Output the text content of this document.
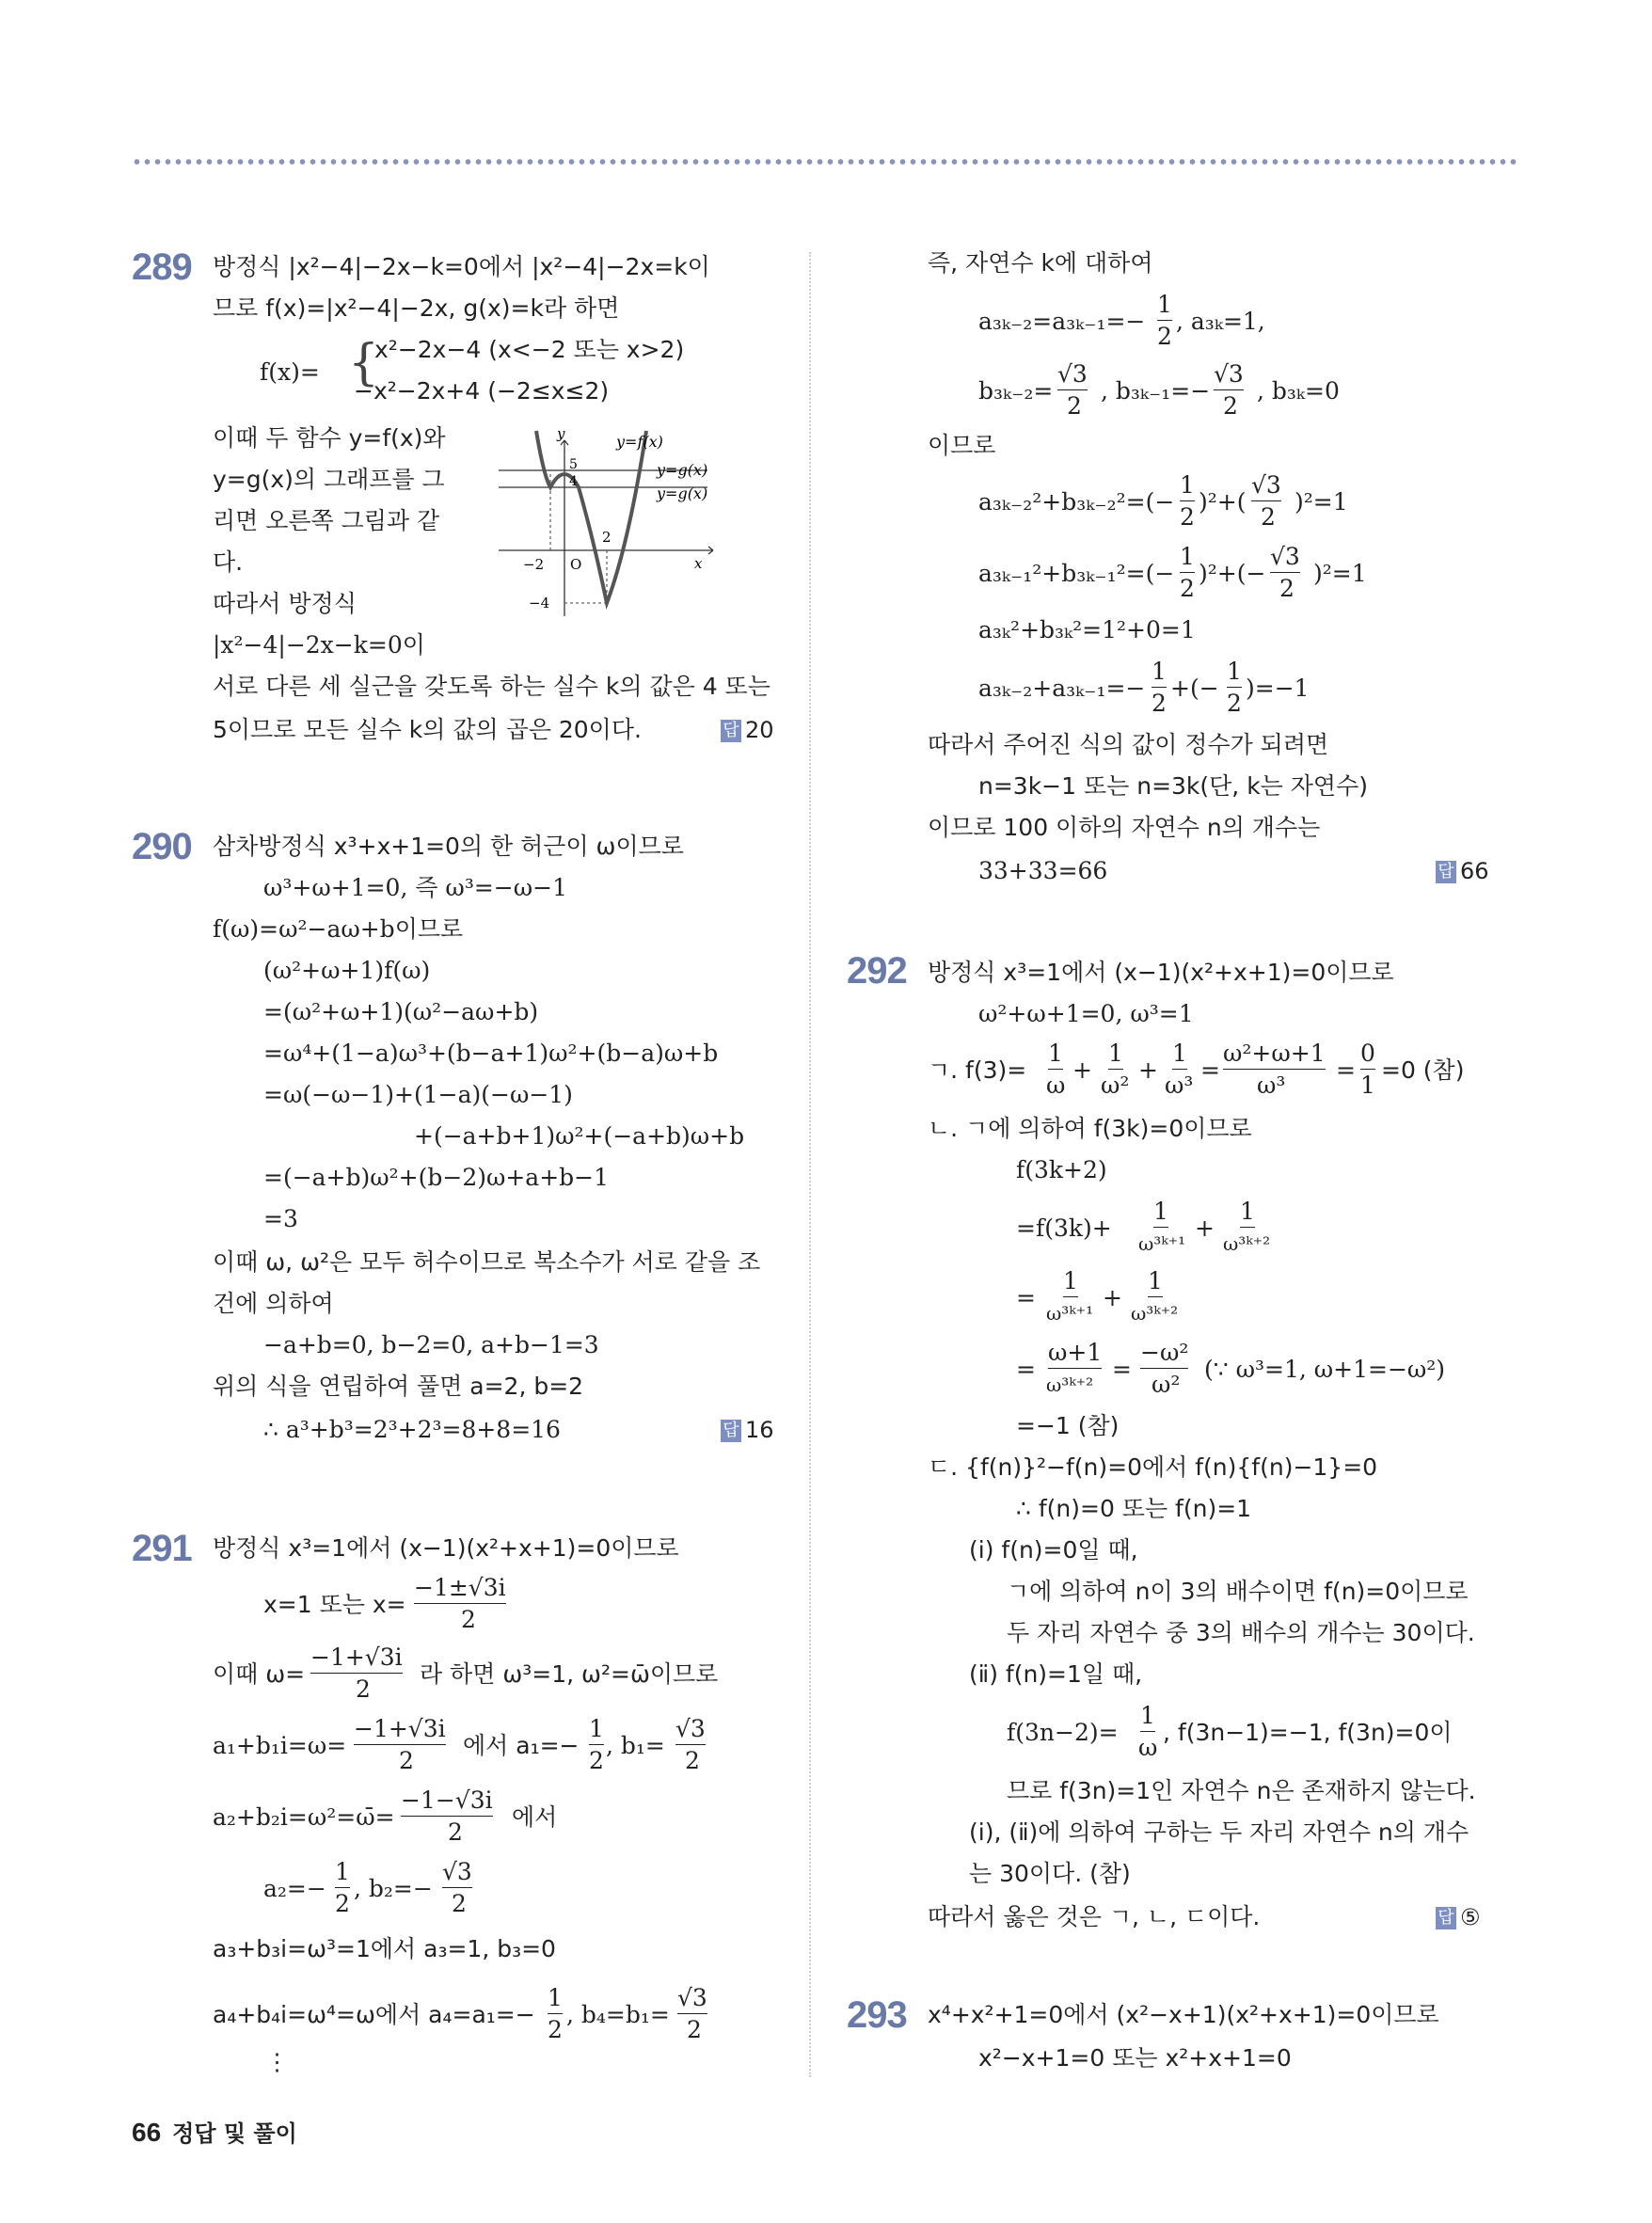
289 방정식 |x²−4|−2x−k=0에서 |x²−4|−2x=k이
므로 f(x)=|x²−4|−2x, g(x)=k라 하면
f(x)= {
x²−2x−4 (x<−2 또는 x>2)
−x²−2x+4 (−2≤x≤2)
이때 두 함수 y=f(x)와
y=g(x)의 그래프를 그
리면 오른쪽 그림과 같
다.
따라서 방정식
|x²−4|−2x−k=0이
서로 다른 세 실근을 갖도록 하는 실수 k의 값은 4 또는
5이므로 모든 실수 k의 값의 곱은 20이다.	답 20
y
x
y=f(x)
y=g(x)
y=g(x)
5
4
2
−2 O
−4
290 삼차방정식 x³+x+1=0의 한 허근이 ω이므로
ω³+ω+1=0, 즉 ω³=−ω−1
f(ω)=ω²−aω+b이므로
(ω²+ω+1)f(ω)
=(ω²+ω+1)(ω²−aω+b)
=ω⁴+(1−a)ω³+(b−a+1)ω²+(b−a)ω+b
=ω(−ω−1)+(1−a)(−ω−1)
+(−a+b+1)ω²+(−a+b)ω+b
=(−a+b)ω²+(b−2)ω+a+b−1
=3
이때 ω, ω²은 모두 허수이므로 복소수가 서로 같을 조
건에 의하여
−a+b=0, b−2=0, a+b−1=3
위의 식을 연립하여 풀면 a=2, b=2
∴ a³+b³=2³+2³=8+8=16	답 16
291 방정식 x³=1에서 (x−1)(x²+x+1)=0이므로
x=1 또는 x=
−1±√3i
2
이때 ω=
−1+√3i
2
라 하면 ω³=1, ω²=ω̄이므로
a₁+b₁i=ω=
−1+√3i
2
에서 a₁=−
1
2
, b₁=
√3
2
a₂+b₂i=ω²=ω̄=
−1−√3i
2
에서
a₂=−
1
2
, b₂=−
√3
2
a₃+b₃i=ω³=1에서 a₃=1, b₃=0
a₄+b₄i=ω⁴=ω에서 a₄=a₁=−
1
2
, b₄=b₁=
√3
2
⋮
즉, 자연수 k에 대하여
a₃ₖ₋₂=a₃ₖ₋₁=−
1
2
, a₃ₖ=1,
b₃ₖ₋₂=
√3
2
, b₃ₖ₋₁=−
√3
2
, b₃ₖ=0
이므로
a₃ₖ₋₂²+b₃ₖ₋₂²=(−
1
2
)²+(
√3
2
)²=1
a₃ₖ₋₁²+b₃ₖ₋₁²=(−
1
2
)²+(−
√3
2
)²=1
a₃ₖ²+b₃ₖ²=1²+0=1
a₃ₖ₋₂+a₃ₖ₋₁=−
1
2
+(−
1
2
)=−1
따라서 주어진 식의 값이 정수가 되려면
n=3k−1 또는 n=3k(단, k는 자연수)
이므로 100 이하의 자연수 n의 개수는
33+33=66	답 66
292 방정식 x³=1에서 (x−1)(x²+x+1)=0이므로
ω²+ω+1=0, ω³=1
ㄱ. f(3)=
1
ω
+
1
ω²
+
1
ω³
=
ω²+ω+1
ω³
=
0
1
=0 (참)
ㄴ. ㄱ에 의하여 f(3k)=0이므로
f(3k+2)
=f(3k)+
1
ω³ᵏ⁺¹
+
1
ω³ᵏ⁺²
=
1
ω³ᵏ⁺¹
+
1
ω³ᵏ⁺²
=
ω+1
ω³ᵏ⁺²
=
−ω²
ω²
(∵ ω³=1, ω+1=−ω²)
=−1 (참)
ㄷ. {f(n)}²−f(n)=0에서 f(n){f(n)−1}=0
∴ f(n)=0 또는 f(n)=1
(ⅰ) f(n)=0일 때,
ㄱ에 의하여 n이 3의 배수이면 f(n)=0이므로
두 자리 자연수 중 3의 배수의 개수는 30이다.
(ⅱ) f(n)=1일 때,
f(3n−2)=
1
ω
, f(3n−1)=−1, f(3n)=0이
므로 f(3n)=1인 자연수 n은 존재하지 않는다.
(ⅰ), (ⅱ)에 의하여 구하는 두 자리 자연수 n의 개수
는 30이다. (참)
따라서 옳은 것은 ㄱ, ㄴ, ㄷ이다.	답 ⑤
293 x⁴+x²+1=0에서 (x²−x+1)(x²+x+1)=0이므로
x²−x+1=0 또는 x²+x+1=0
66 정답 및 풀이
